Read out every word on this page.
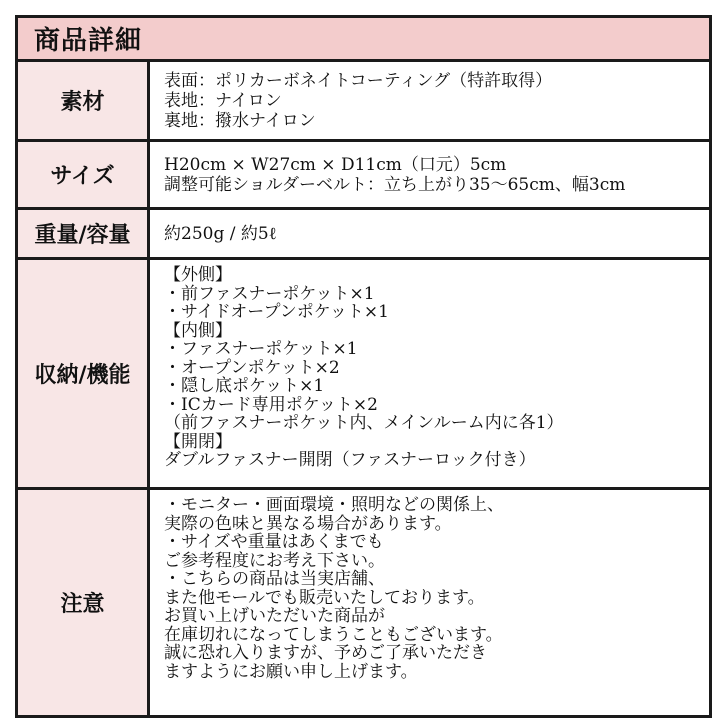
商品詳細
素材
表面：ポリカーボネイトコーティング（特許取得）
表地：ナイロン
裏地：撥水ナイロン
サイズ	H20cm × W27cm × D11cm（口元）5cm
調整可能ショルダーベルト：立ち上がり35～65cm、幅3cm
重量/容量	約250g / 約5ℓ
収納/機能
【外側】
・前ファスナーポケット×1
・サイドオープンポケット×1
【内側】
・ファスナーポケット×1
・オープンポケット×2
・隠し底ポケット×1
・ICカード専用ポケット×2
（前ファスナーポケット内、メインルーム内に各1）
【開閉】
ダブルファスナー開閉（ファスナーロック付き）
注意
・モニター・画面環境・照明などの関係上、
実際の色味と異なる場合があります。
・サイズや重量はあくまでも
ご参考程度にお考え下さい。
・こちらの商品は当実店舗、
また他モールでも販売いたしております。
お買い上げいただいた商品が
在庫切れになってしまうこともございます。
誠に恐れ入りますが、予めご了承いただき
ますようにお願い申し上げます。
